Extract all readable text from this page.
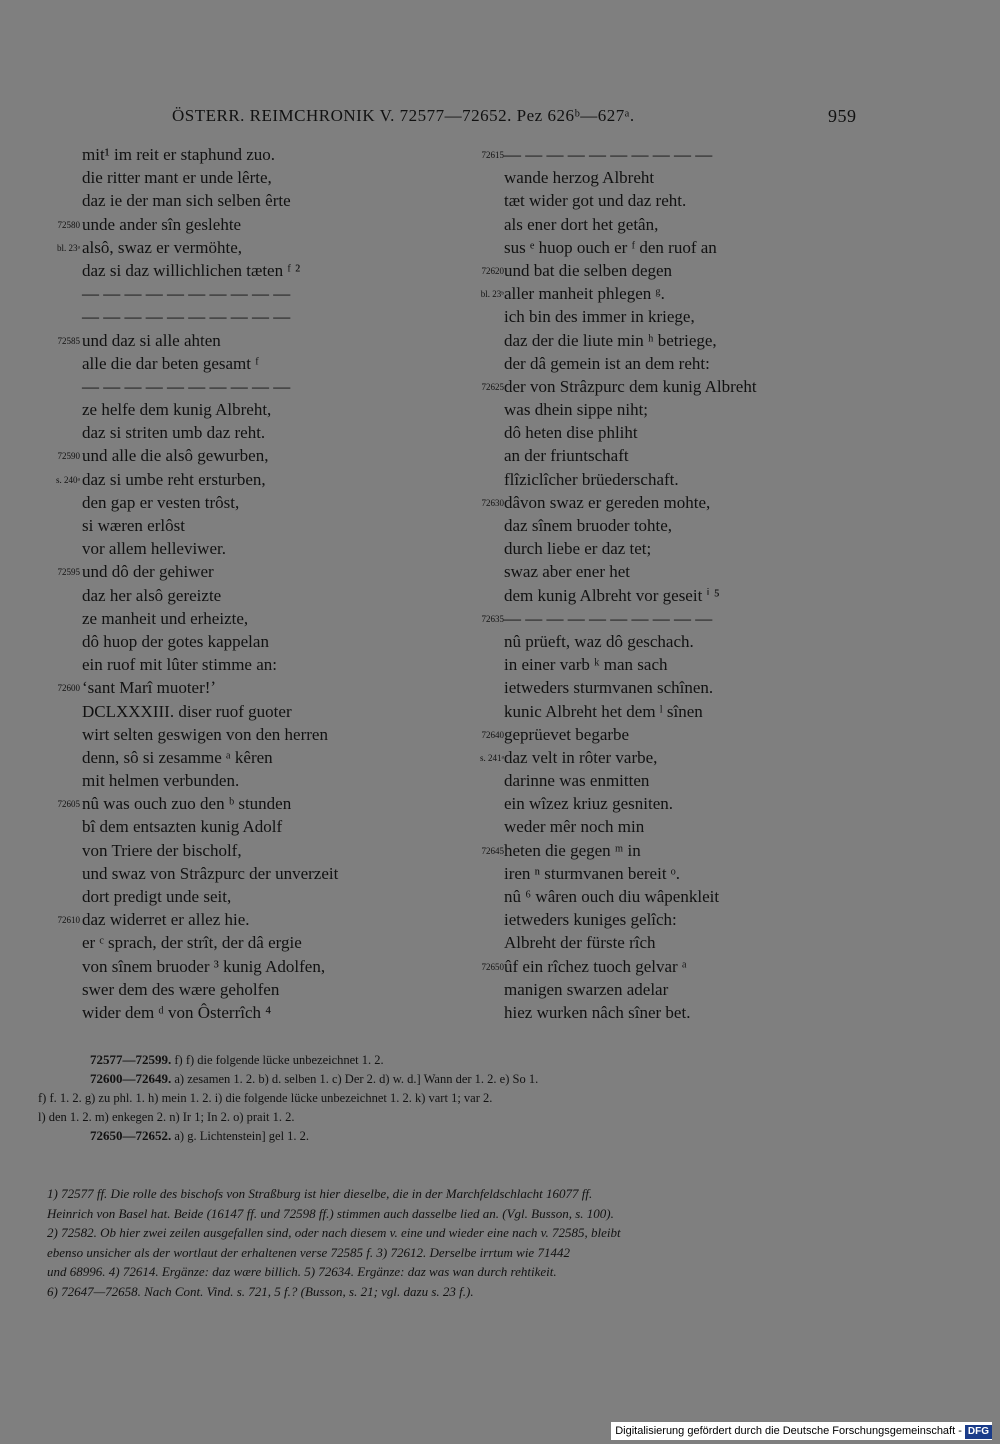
ÖSTERR. REIMCHRONIK V. 72577—72652. Pez 626ᵇ—627ᵃ.	959
mit¹ im reit er staphund zuo.
die ritter mant er unde lêrte,
daz ie der man sich selben êrte
72580 unde ander sîn geslehte
bl. 23ᵃ alsô, swaz er vermöhte,
daz si daz willichlichen tæten ᶠ ²
— — — — — — — — — —
— — — — — — — — — —
72585 und daz si alle ahten
alle die dar beten gesamt ᶠ
— — — — — — — — — —
ze helfe dem kunig Albreht,
daz si striten umb daz reht.
72590 und alle die alsô gewurben,
s. 240ᵃ daz si umbe reht ersturben,
den gap er vesten trôst,
si wæren erlôst
vor allem helleviwer.
72595 und dô der gehiwer
daz her alsô gereizte
ze manheit und erheizte,
dô huop der gotes kappelan
ein ruof mit lûter stimme an:
72600 ʻsant Marî muoter!ʼ
DCLXXXIII. diser ruof guoter
wirt selten geswigen von den herren
denn, sô si zesamme ᵃ kêren
mit helmen verbunden.
72605 nû was ouch zuo den ᵇ stunden
bî dem entsazten kunig Adolf
von Triere der bischolf,
und swaz von Strâzpurc der unverzeit
dort predigt unde seit,
72610 daz widerret er allez hie.
er ᶜ sprach, der strît, der dâ ergie
von sînem bruoder ³ kunig Adolfen,
swer dem des wære geholfen
wider dem ᵈ von Ôsterrîch ⁴
72615 — — — — — — — — — —
wande herzog Albreht
tæt wider got und daz reht.
als ener dort het getân,
sus ᵉ huop ouch er ᶠ den ruof an
72620 und bat die selben degen
bl. 23ᵇ aller manheit phlegen ᵍ.
ich bin des immer in kriege,
daz der die liute min ʰ betriege,
der dâ gemein ist an dem reht:
72625 der von Strâzpurc dem kunig Albreht
was dhein sippe niht;
dô heten dise phliht
an der friuntschaft
flîziclîcher brüederschaft.
72630 dâvon swaz er gereden mohte,
daz sînem bruoder tohte,
durch liebe er daz tet;
swaz aber ener het
dem kunig Albreht vor geseit ⁱ ⁵
72635 — — — — — — — — — —
nû prüeft, waz dô geschach.
in einer varb ᵏ man sach
ietweders sturmvanen schînen.
kunic Albreht het dem ˡ sînen
72640 geprüevet begarbe
s. 241ᵃ daz velt in rôter varbe,
darinne was enmitten
ein wîzez kriuz gesniten.
weder mêr noch min
72645 heten die gegen ᵐ in
iren ⁿ sturmvanen bereit ᵒ.
nû ⁶ wâren ouch diu wâpenkleit
ietweders kuniges gelîch:
Albreht der fürste rîch
72650 ûf ein rîchez tuoch gelvar ᵃ
manigen swarzen adelar
hiez wurken nâch sîner bet.
72577—72599. f) f) die folgende lücke unbezeichnet 1. 2.
72600—72649. a) zesamen 1. 2. b) d. selben 1. c) Der 2. d) w. d.] Wann der 1. 2. e) So 1.
f) f. 1. 2. g) zu phl. 1. h) mein 1. 2. i) die folgende lücke unbezeichnet 1. 2. k) vart 1; var 2.
l) den 1. 2. m) enkegen 2. n) Ir 1; In 2. o) prait 1. 2.
72650—72652. a) g. Lichtenstein] gel 1. 2.
1) 72577 ff. Die rolle des bischofs von Straßburg ist hier dieselbe, die in der Marchfeldschlacht 16077 ff.
Heinrich von Basel hat. Beide (16147 ff. und 72598 ff.) stimmen auch dasselbe lied an. (Vgl. Busson, s. 100).
2) 72582. Ob hier zwei zeilen ausgefallen sind, oder nach diesem v. eine und wieder eine nach v. 72585, bleibt
ebenso unsicher als der wortlaut der erhaltenen verse 72585 f. 3) 72612. Derselbe irrtum wie 71442
und 68996. 4) 72614. Ergänze: daz wære billich. 5) 72634. Ergänze: daz was wan durch rehtikeit.
6) 72647—72658. Nach Cont. Vind. s. 721, 5 f.? (Busson, s. 21; vgl. dazu s. 23 f.).
Digitalisierung gefördert durch die Deutsche Forschungsgemeinschaft - DFG
